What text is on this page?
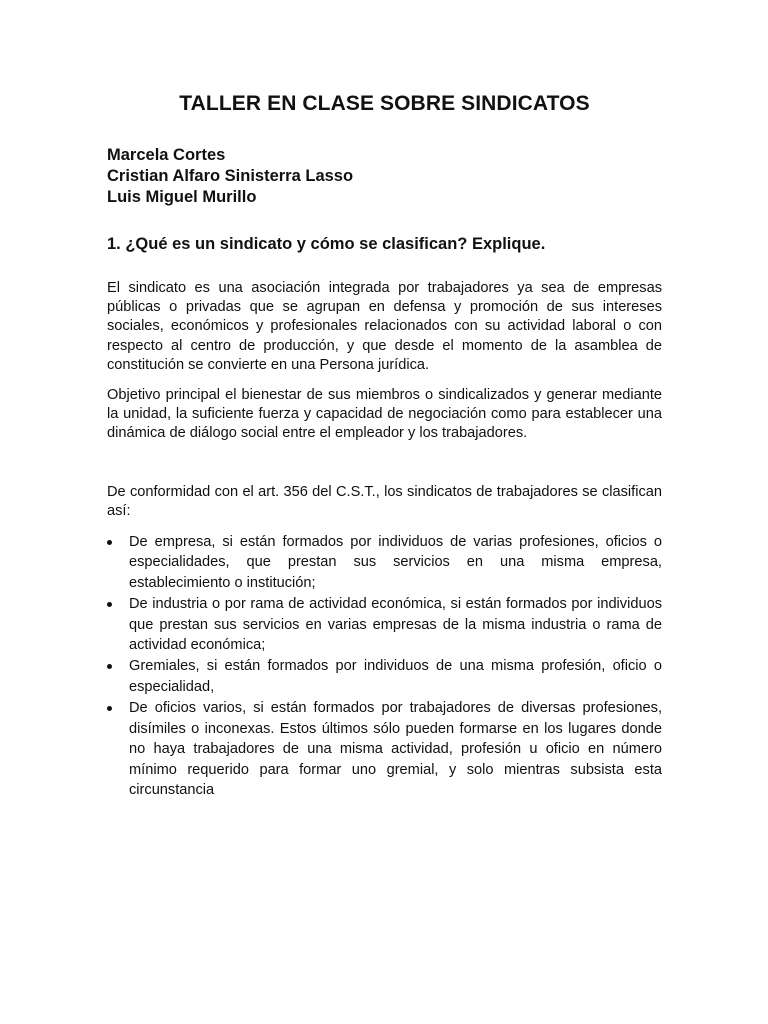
TALLER EN CLASE SOBRE SINDICATOS
Marcela Cortes
Cristian Alfaro Sinisterra Lasso
Luis Miguel Murillo
1. ¿Qué es un sindicato y cómo se clasifican? Explique.

El sindicato es una asociación integrada por trabajadores ya sea de empresas públicas o privadas que se agrupan en defensa y promoción de sus intereses sociales, económicos y profesionales relacionados con su actividad laboral o con respecto al centro de producción, y que desde el momento de la asamblea de constitución se convierte en una Persona jurídica.

Objetivo principal el bienestar de sus miembros o sindicalizados y generar mediante la unidad, la suficiente fuerza y capacidad de negociación como para establecer una dinámica de diálogo social entre el empleador y los trabajadores.

De conformidad con el art. 356 del C.S.T., los sindicatos de trabajadores se clasifican así:

De empresa, si están formados por individuos de varias profesiones, oficios o especialidades, que prestan sus servicios en una misma empresa, establecimiento o institución;
De industria o por rama de actividad económica, si están formados por individuos que prestan sus servicios en varias empresas de la misma industria o rama de actividad económica;
Gremiales, si están formados por individuos de una misma profesión, oficio o especialidad,
De oficios varios, si están formados por trabajadores de diversas profesiones, disímiles o inconexas. Estos últimos sólo pueden formarse en los lugares donde no haya trabajadores de una misma actividad, profesión u oficio en número mínimo requerido para formar uno gremial, y solo mientras subsista esta circunstancia
